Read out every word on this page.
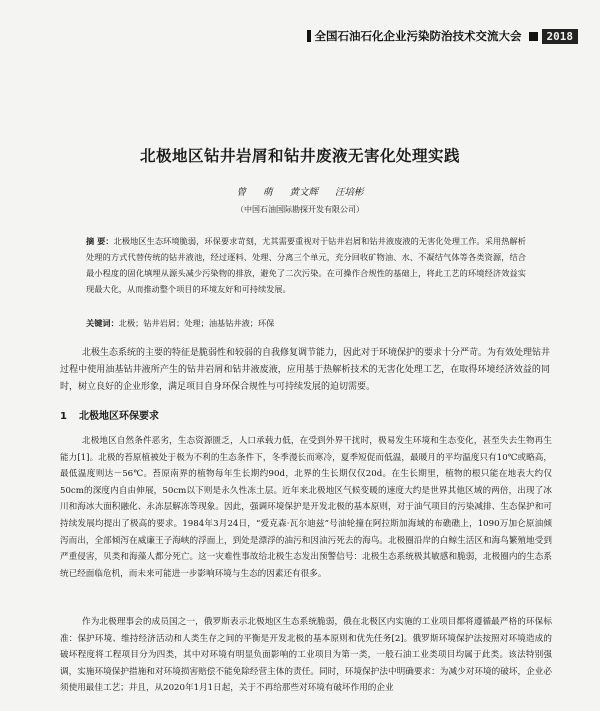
全国石油石化企业污染防治技术交流大会	2018
北极地区钻井岩屑和钻井废液无害化处理实践

曾 萌 黄文辉 汪培彬

（中国石油国际勘探开发有限公司）

摘 要：北极地区生态环境脆弱，环保要求苛刻，尤其需要重视对于钻井岩屑和钻井液废液的无害化处理工作。采用热解析处理的方式代替传统的钻井液池，经过逐料、处理、分离三个单元，充分回收矿物油、水、不凝结气体等各类资源，结合最小程度的固化填埋从源头减少污染物的排放，避免了二次污染。在可操作合规性的基础上，将此工艺的环境经济效益实现最大化，从而推动整个项目的环境友好和可持续发展。

关键词：北极；钻井岩屑；处理；油基钻井液；环保

北极生态系统的主要的特征是脆弱性和较弱的自我修复调节能力，因此对于环境保护的要求十分严苛。为有效处理钻井过程中使用油基钻井液所产生的钻井岩屑和钻井液废液，应用基于热解析技术的无害化处理工艺，在取得环境经济效益的同时，树立良好的企业形象，满足项目自身环保合规性与可持续发展的迫切需要。

1 北极地区环保要求

北极地区自然条件恶劣，生态资源匮乏，人口承载力低，在受到外界干扰时，极易发生环境和生态变化，甚至失去生物再生能力[1]。北极的苔原植被处于极为不利的生态条件下，冬季漫长而寒冷，夏季短促而低温，最暖月的平均温度只有10℃或略高，最低温度则达－56℃。苔原南界的植物每年生长期约90d，北界的生长期仅仅20d。在生长期里，植物的根只能在地表大约仅50cm的深度内自由伸展，50cm以下则是永久性冻土层。近年来北极地区气候变暖的速度大约是世界其他区域的两倍，出现了冰川和海冰大面积融化、永冻层解冻等现象。因此，强调环境保护是开发北极的基本原则，对于油气项目的污染减排、生态保护和可持续发展均提出了极高的要求。1984年3月24日，“爱克森·瓦尔迪兹”号油轮撞在阿拉斯加海域的布礁礁上，1090万加仑原油倾泻而出，全部倾泻在威廉王子海峡的浮面上，到处是漂浮的油污和因油污死去的海鸟。北极圈沿岸的白鲸生活区和海鸟繁殖地受到严重侵害，贝类和海藻人都分死亡。这一灾难性事故给北极生态发出预警信号：北极生态系统极其敏感和脆弱，北极圈内的生态系统已经面临危机，而未来可能进一步影响环境与生态的因素还有很多。

作为北极理事会的成员国之一，俄罗斯表示北极地区生态系统脆弱，俄在北极区内实施的工业项目都将遵循最严格的环保标准：保护环境、维持经济活动和人类生存之间的平衡是开发北极的基本原则和优先任务[2]。俄罗斯环境保护法按照对环境造成的破坏程度将工程项目分为四类，其中对环境有明显负面影响的工业项目为第一类，一般石油工业类项目均属于此类。该法特别强调，实施环境保护措施和对环境损害赔偿不能免除经营主体的责任。同时，环境保护法中明确要求：为减少对环境的破坏，企业必须使用最佳工艺；并且，从2020年1月1日起，关于不再给那些对环境有破坏作用的企业
